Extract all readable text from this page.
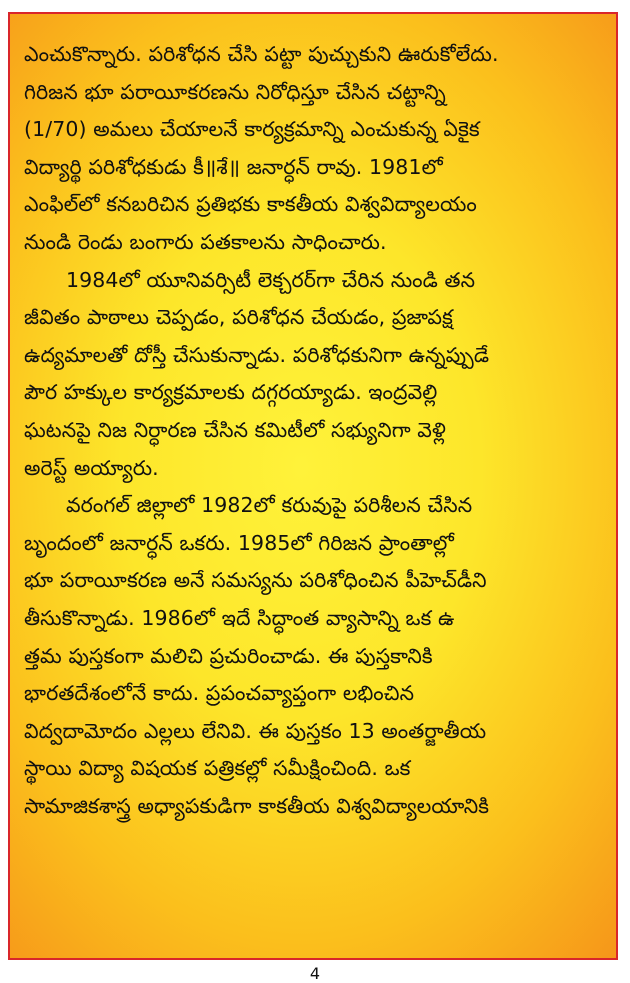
ఎంచుకొన్నారు. పరిశోధన చేసి పట్టా పుచ్చుకుని ఊరుకోలేదు.
గిరిజన భూ పరాయీకరణను నిరోధిస్తూ చేసిన చట్టాన్ని
(1/70) అమలు చేయాలనే కార్యక్రమాన్ని ఎంచుకున్న ఏకైక
విద్యార్థి పరిశోధకుడు కీ॥శే॥ జనార్ధన్ రావు. 1981లో
ఎంఫిల్‌లో కనబరిచిన ప్రతిభకు కాకతీయ విశ్వవిద్యాలయం
నుండి రెండు బంగారు పతకాలను సాధించారు.
1984లో యూనివర్సిటీ లెక్చరర్‌గా చేరిన నుండి తన
జీవితం పాఠాలు చెప్పడం, పరిశోధన చేయడం, ప్రజాపక్ష
ఉద్యమాలతో దోస్తీ చేసుకున్నాడు. పరిశోధకునిగా ఉన్నప్పుడే
పౌర హక్కుల కార్యక్రమాలకు దగ్గరయ్యాడు. ఇంద్రవెల్లి
ఘటనపై నిజ నిర్ధారణ చేసిన కమిటీలో సభ్యునిగా వెళ్లి
అరెస్ట్ అయ్యారు.
వరంగల్ జిల్లాలో 1982లో కరువుపై పరిశీలన చేసిన
బృందంలో జనార్ధన్ ఒకరు. 1985లో గిరిజన ప్రాంతాల్లో
భూ పరాయీకరణ అనే సమస్యను పరిశోధించిన పీహెచ్‌డీని
తీసుకొన్నాడు. 1986లో ఇదే సిద్ధాంత వ్యాసాన్ని ఒక ఉ
త్తమ పుస్తకంగా మలిచి ప్రచురించాడు. ఈ పుస్తకానికి
భారతదేశంలోనే కాదు. ప్రపంచవ్యాప్తంగా లభించిన
విద్వదామోదం ఎల్లలు లేనివి. ఈ పుస్తకం 13 అంతర్జాతీయ
స్థాయి విద్యా విషయక పత్రికల్లో సమీక్షించింది. ఒక
సామాజికశాస్త్ర అధ్యాపకుడిగా కాకతీయ విశ్వవిద్యాలయానికి
4
